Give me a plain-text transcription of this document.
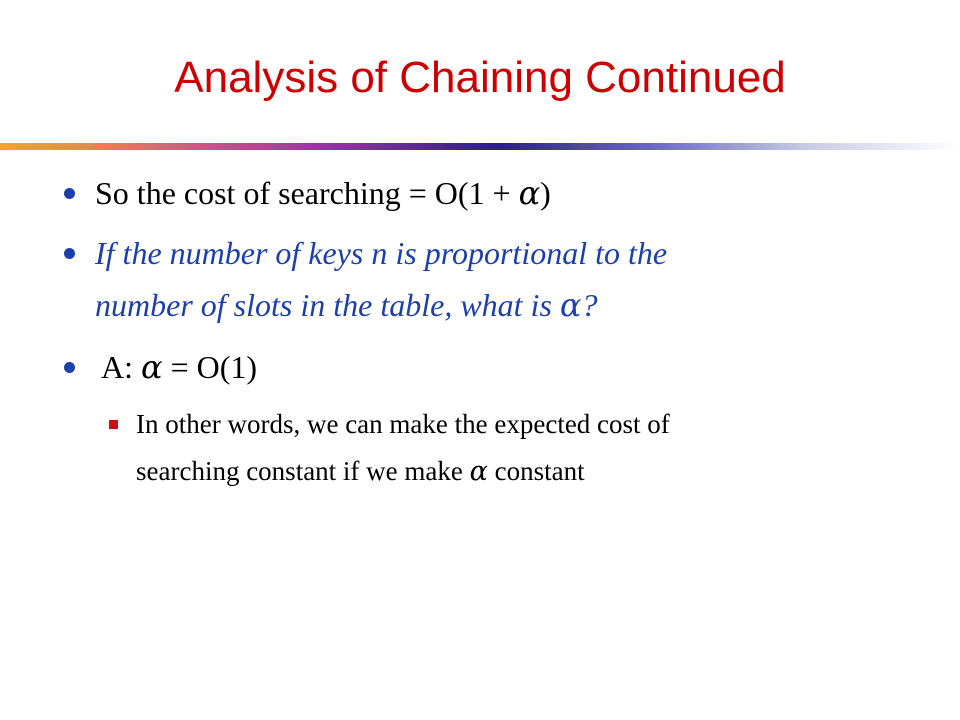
Analysis of Chaining Continued
So the cost of searching = O(1 + α)
If the number of keys n is proportional to the
number of slots in the table, what is α?
A: α = O(1)
In other words, we can make the expected cost of
searching constant if we make α constant
